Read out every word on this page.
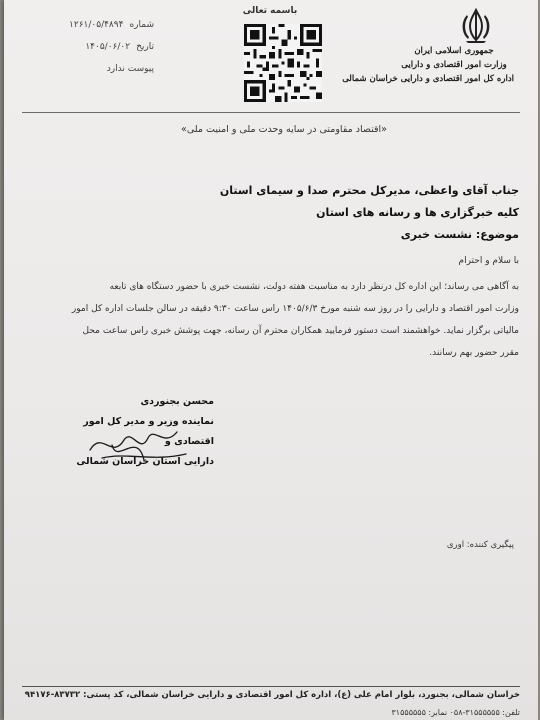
باسمه تعالی
شماره
۱۲۶۱/۰۵/۴۸۹۴
تاریخ
۱۴۰۵/۰۶/۰۲
پیوست ندارد
جمهوری اسلامی ایران
وزارت امور اقتصادی و دارایی
اداره کل امور اقتصادی و دارایی خراسان شمالی
«اقتصاد مقاومتی در سایه وحدت ملی و امنیت ملی»
جناب آقای واعظی، مدیرکل محترم صدا و سیمای استان
کلیه خبرگزاری ها و رسانه های استان
موضوع: نشست خبری
با سلام و احترام
به آگاهی می رساند؛ این اداره کل درنظر دارد به مناسبت هفته دولت، نشست خبری با حضور دستگاه های تابعه
وزارت امور اقتصاد و دارایی را در روز سه شنبه مورخ ۱۴۰۵/۶/۳ راس ساعت ۹:۳۰ دقیقه در سالن جلسات اداره کل امور
مالیاتی برگزار نماید. خواهشمند است دستور فرمایید همکاران محترم آن رسانه، جهت پوشش خبری راس ساعت محل
مقرر حضور بهم رسانند.
محسن بجنوردی
نماینده وزیر و مدیر کل امور اقتصادی و
دارایی استان خراسان شمالی
پیگیری کننده: اوری
خراسان شمالی، بجنورد، بلوار امام علی (ع)، اداره کل امور اقتصادی و دارایی خراسان شمالی، کد پستی: ۸۳۷۳۲-۹۴۱۷۶
تلفن: ۳۱۵۵۵۵۵۵-۰۵۸ نمابر: ۳۱۵۵۵۵۵۵
